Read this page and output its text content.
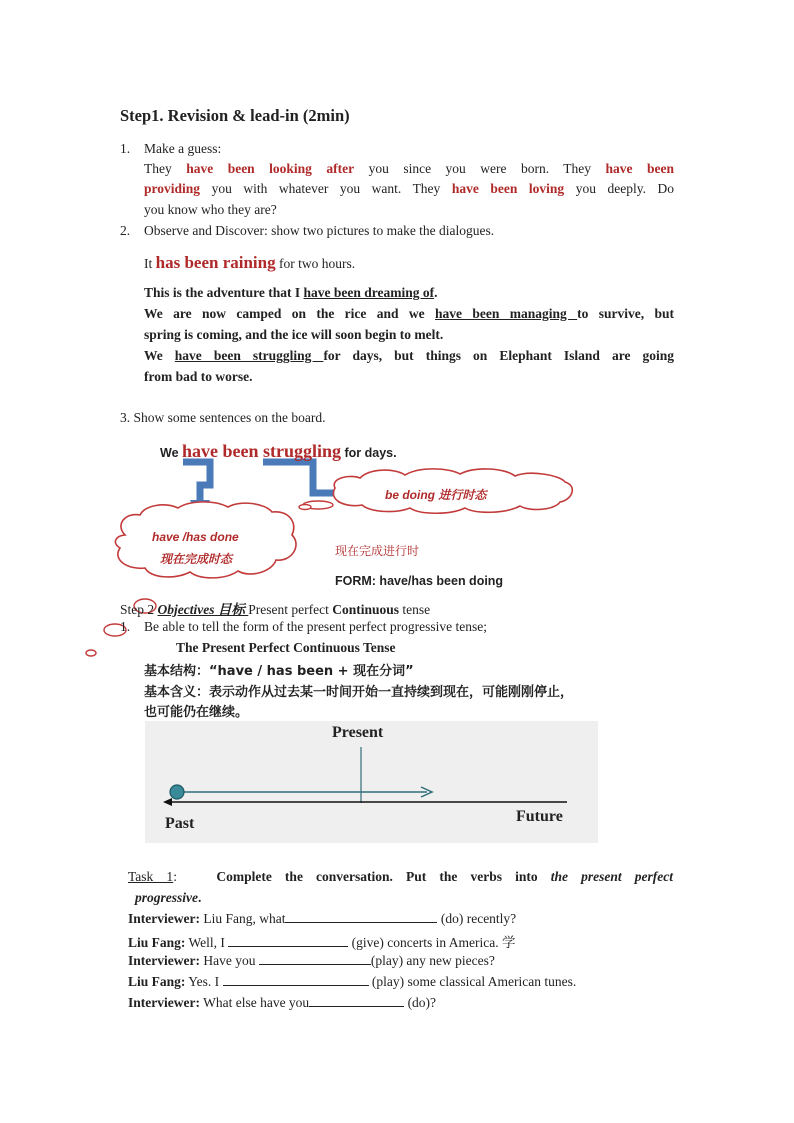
Step1. Revision & lead-in (2min)
1. Make a guess:
They have been looking after you since you were born. They have been
providing you with whatever you want. They have been loving you deeply. Do
you know who they are?
2. Observe and Discover: show two pictures to make the dialogues.
It has been raining for two hours.
This is the adventure that I have been dreaming of.
We are now camped on the rice and we have been managing to survive, but
spring is coming, and the ice will soon begin to melt.
We have been struggling for days, but things on Elephant Island are going
from bad to worse.
3. Show some sentences on the board.
We have been struggling for days.
be doing 进行时态
have /has done
现在完成时态
现在完成进行时
FORM: have/has been doing
Step 2 Objectives 目标 Present perfect Continuous tense
1. Be able to tell the form of the present perfect progressive tense;
The Present Perfect Continuous Tense
基本结构：“have / has been + 现在分词”
基本含义：表示动作从过去某一时间开始一直持续到现在，可能刚刚停止，
也可能仍在继续。
Present
Past	Future
Task 1:	Complete the conversation. Put the verbs into the present perfect
progressive.
Interviewer: Liu Fang, what	(do) recently?
Liu Fang: Well, I	(give) concerts in America. 学
Interviewer: Have you	(play) any new pieces?
Liu Fang: Yes. I	(play) some classical American tunes.
Interviewer: What else have you	(do)?
